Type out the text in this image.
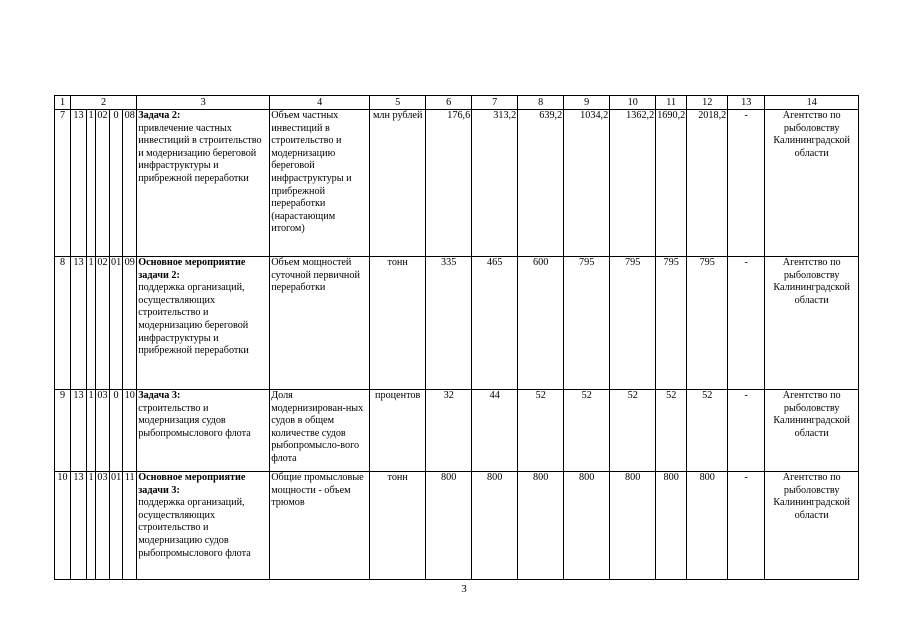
1	2					3	4	5	6	7	8	9	10	11	12	13	14
7	13	1	02	0	08	Задача 2:
привлечение частных инвестиций в строительство и модернизацию береговой инфраструктуры и прибрежной переработки	Объем частных инвестиций в строительство и модернизацию береговой инфраструктуры и прибрежной переработки (нарастающим итогом)	млн рублей	176,6	313,2	639,2	1034,2	1362,2	1690,2	2018,2	-	Агентство по рыболовству Калининградской области
8	13	1	02	01	09	Основное мероприятие задачи 2:
поддержка организаций, осуществляющих строительство и модернизацию береговой инфраструктуры и прибрежной переработки	Объем мощностей суточной первичной переработки	тонн	335	465	600	795	795	795	795	-	Агентство по рыболовству Калининградской области
9	13	1	03	0	10	Задача 3:
строительство и модернизация судов рыбопромыслового флота	Доля модернизирован-ных судов в общем количестве судов рыбопромысло-вого флота	процентов	32	44	52	52	52	52	52	-	Агентство по рыболовству Калининградской области
10	13	1	03	01	11	Основное мероприятие задачи 3:
поддержка организаций, осуществляющих строительство и модернизацию судов рыбопромыслового флота	Общие промысловые мощности - объем трюмов	тонн	800	800	800	800	800	800	800	-	Агентство по рыболовству Калининградской области
3
